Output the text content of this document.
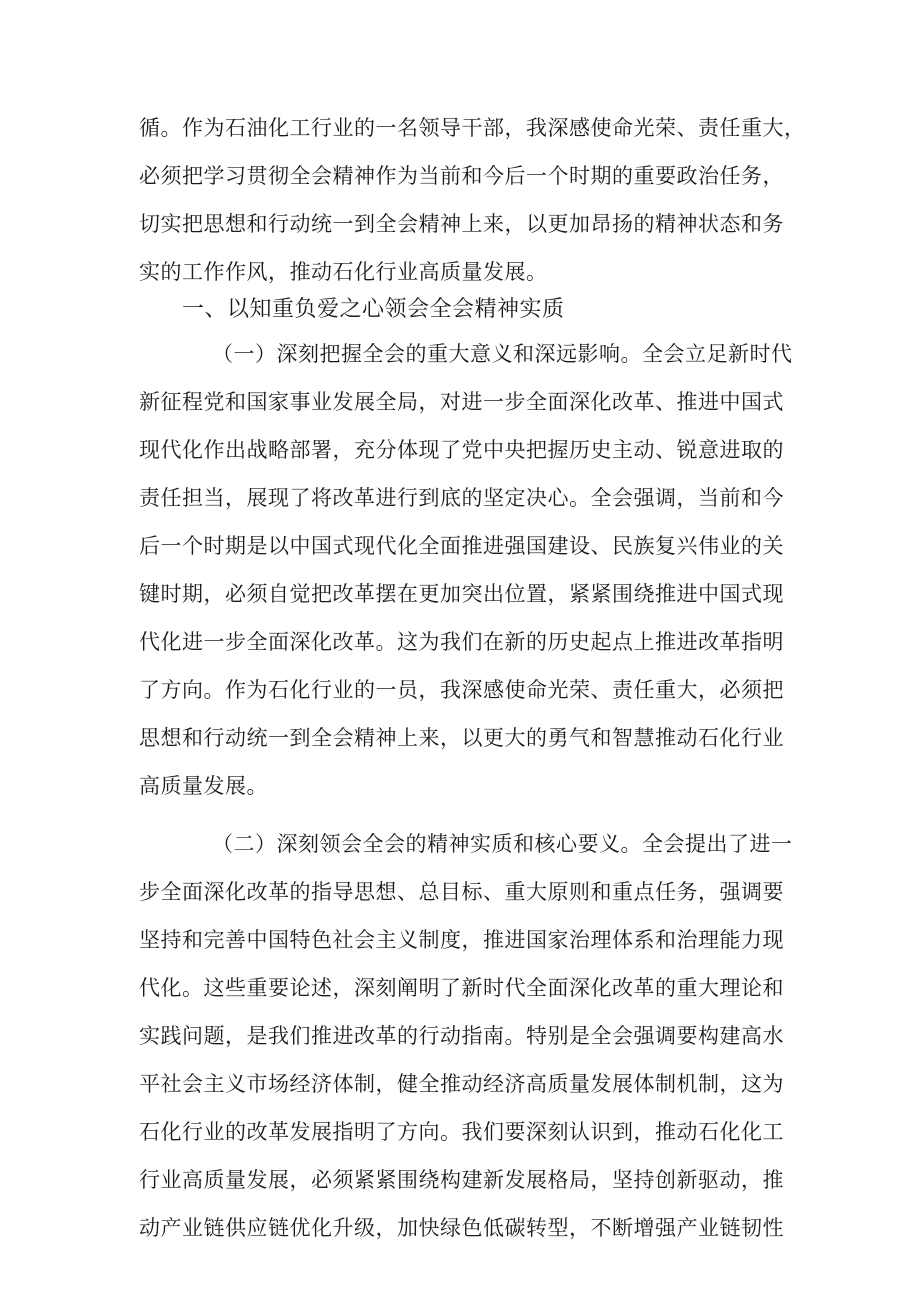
循。作为石油化工行业的一名领导干部，我深感使命光荣、责任重大，
必须把学习贯彻全会精神作为当前和今后一个时期的重要政治任务，
切实把思想和行动统一到全会精神上来，以更加昂扬的精神状态和务
实的工作作风，推动石化行业高质量发展。
一、以知重负爱之心领会全会精神实质
（一）深刻把握全会的重大意义和深远影响。全会立足新时代
新征程党和国家事业发展全局，对进一步全面深化改革、推进中国式
现代化作出战略部署，充分体现了党中央把握历史主动、锐意进取的
责任担当，展现了将改革进行到底的坚定决心。全会强调，当前和今
后一个时期是以中国式现代化全面推进强国建设、民族复兴伟业的关
键时期，必须自觉把改革摆在更加突出位置，紧紧围绕推进中国式现
代化进一步全面深化改革。这为我们在新的历史起点上推进改革指明
了方向。作为石化行业的一员，我深感使命光荣、责任重大，必须把
思想和行动统一到全会精神上来，以更大的勇气和智慧推动石化行业
高质量发展。
（二）深刻领会全会的精神实质和核心要义。全会提出了进一
步全面深化改革的指导思想、总目标、重大原则和重点任务，强调要
坚持和完善中国特色社会主义制度，推进国家治理体系和治理能力现
代化。这些重要论述，深刻阐明了新时代全面深化改革的重大理论和
实践问题，是我们推进改革的行动指南。特别是全会强调要构建高水
平社会主义市场经济体制，健全推动经济高质量发展体制机制，这为
石化行业的改革发展指明了方向。我们要深刻认识到，推动石化化工
行业高质量发展，必须紧紧围绕构建新发展格局，坚持创新驱动，推
动产业链供应链优化升级，加快绿色低碳转型，不断增强产业链韧性
